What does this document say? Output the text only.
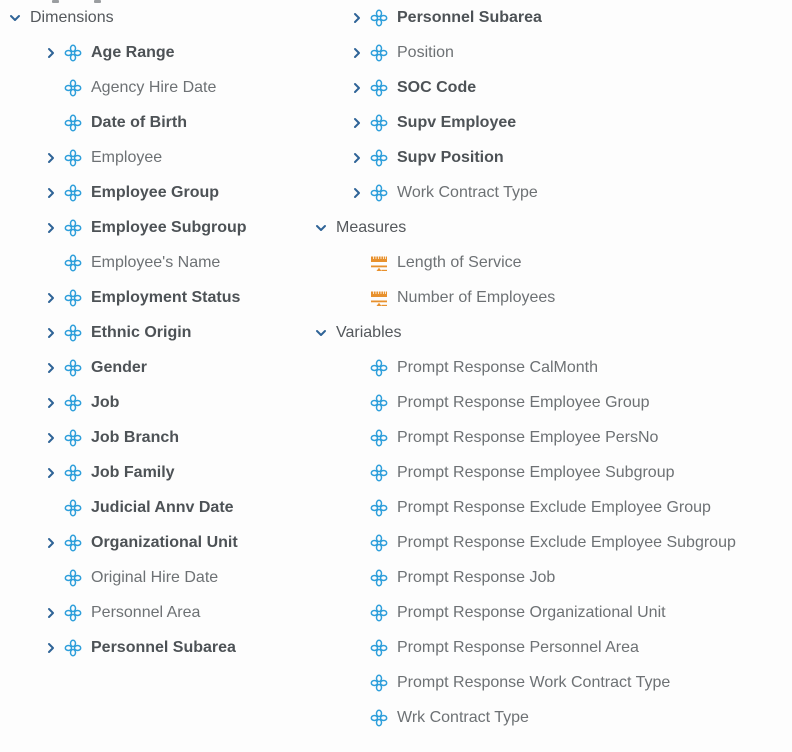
Dimensions
Age Range
Agency Hire Date
Date of Birth
Employee
Employee Group
Employee Subgroup
Employee's Name
Employment Status
Ethnic Origin
Gender
Job
Job Branch
Job Family
Judicial Annv Date
Organizational Unit
Original Hire Date
Personnel Area
Personnel Subarea
Personnel Subarea
Position
SOC Code
Supv Employee
Supv Position
Work Contract Type
Measures
Length of Service
Number of Employees
Variables
Prompt Response CalMonth
Prompt Response Employee Group
Prompt Response Employee PersNo
Prompt Response Employee Subgroup
Prompt Response Exclude Employee Group
Prompt Response Exclude Employee Subgroup
Prompt Response Job
Prompt Response Organizational Unit
Prompt Response Personnel Area
Prompt Response Work Contract Type
Wrk Contract Type
